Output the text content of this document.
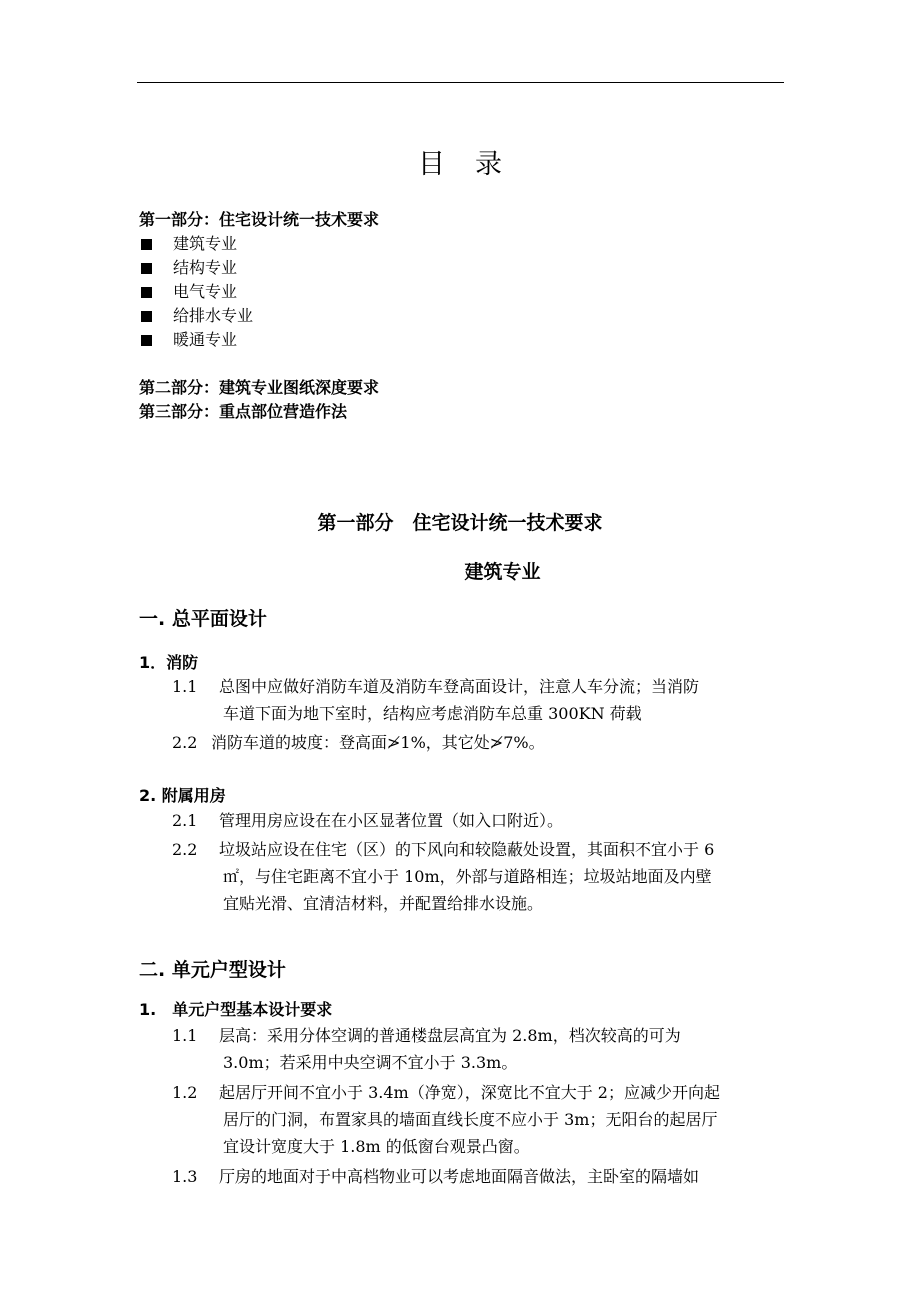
目 录
第一部分：住宅设计统一技术要求
建筑专业
结构专业
电气专业
给排水专业
暖通专业
第二部分：建筑专业图纸深度要求
第三部分：重点部位营造作法
第一部分　住宅设计统一技术要求
建筑专业
一. 总平面设计
1．消防
1.1 总图中应做好消防车道及消防车登高面设计，注意人车分流；当消防
车道下面为地下室时，结构应考虑消防车总重 300KN 荷载
2.2 消防车道的坡度：登高面≯1%，其它处≯7%。
2. 附属用房
2.1 管理用房应设在在小区显著位置（如入口附近）。
2.2 垃圾站应设在住宅（区）的下风向和较隐蔽处设置，其面积不宜小于 6
㎡，与住宅距离不宜小于 10m，外部与道路相连；垃圾站地面及内壁
宜贴光滑、宜清洁材料，并配置给排水设施。
二. 单元户型设计
1.　单元户型基本设计要求
1.1 层高：采用分体空调的普通楼盘层高宜为 2.8m，档次较高的可为
3.0m；若采用中央空调不宜小于 3.3m。
1.2 起居厅开间不宜小于 3.4m（净宽），深宽比不宜大于 2；应减少开向起
居厅的门洞，布置家具的墙面直线长度不应小于 3m；无阳台的起居厅
宜设计宽度大于 1.8m 的低窗台观景凸窗。
1.3 厅房的地面对于中高档物业可以考虑地面隔音做法，主卧室的隔墙如
